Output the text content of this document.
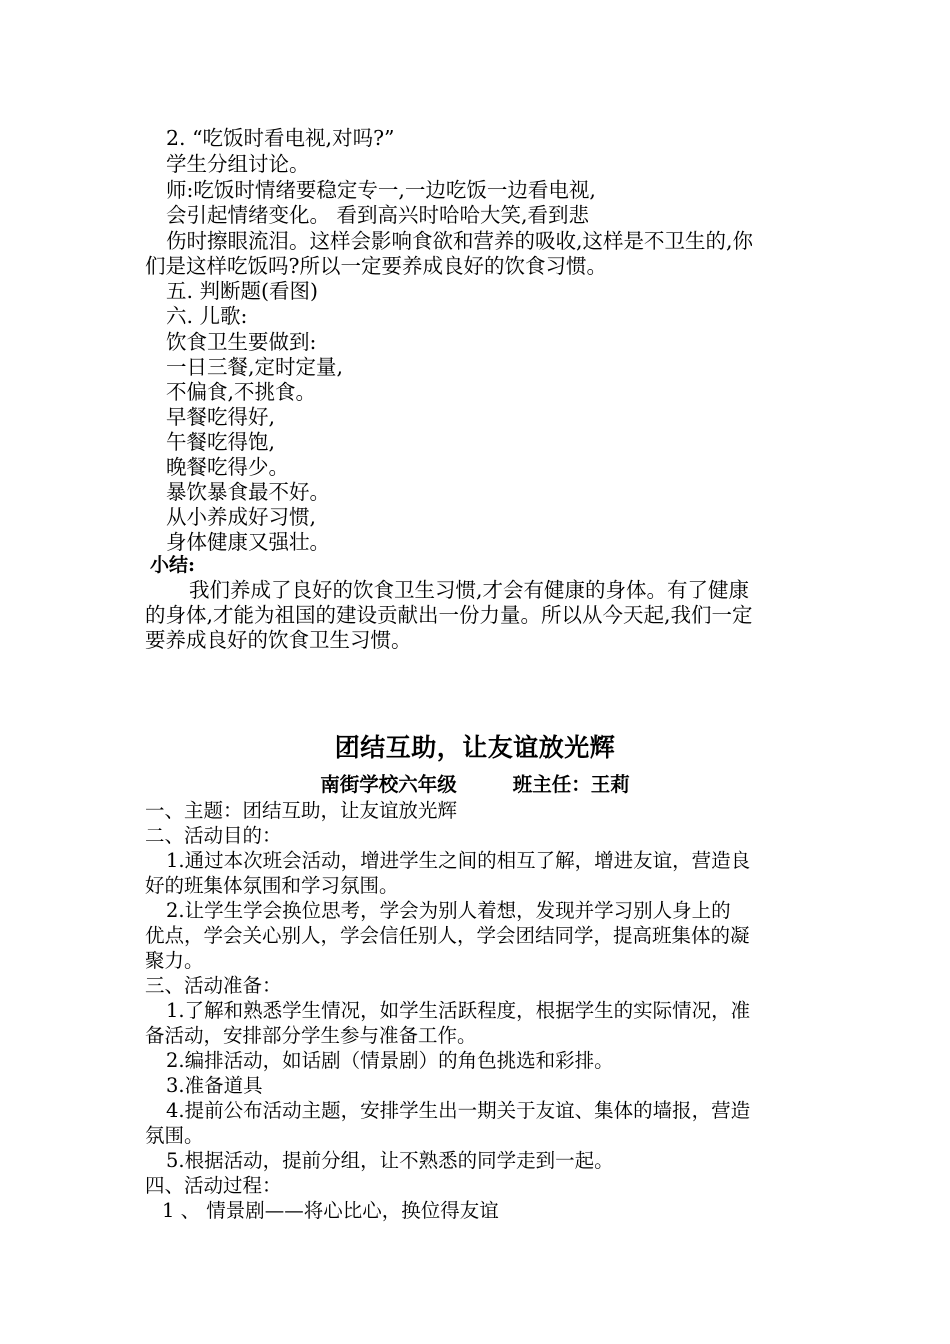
2. “吃饭时看电视,对吗?”
学生分组讨论。
师:吃饭时情绪要稳定专一,一边吃饭一边看电视,
会引起情绪变化。 看到高兴时哈哈大笑,看到悲
伤时擦眼流泪。这样会影响食欲和营养的吸收,这样是不卫生的,你
们是这样吃饭吗?所以一定要养成良好的饮食习惯。
五. 判断题(看图)
六. 儿歌:
饮食卫生要做到:
一日三餐,定时定量,
不偏食,不挑食。
早餐吃得好,
午餐吃得饱,
晚餐吃得少。
暴饮暴食最不好。
从小养成好习惯,
身体健康又强壮。
小结:
我们养成了良好的饮食卫生习惯,才会有健康的身体。有了健康
的身体,才能为祖国的建设贡献出一份力量。所以从今天起,我们一定
要养成良好的饮食卫生习惯。
团结互助，让友谊放光辉
南街学校六年级	班主任：王莉
一、主题：团结互助，让友谊放光辉
二、活动目的：
1.通过本次班会活动，增进学生之间的相互了解，增进友谊，营造良
好的班集体氛围和学习氛围。
2.让学生学会换位思考，学会为别人着想，发现并学习别人身上的
优点，学会关心别人，学会信任别人，学会团结同学，提高班集体的凝
聚力。
三、活动准备：
1.了解和熟悉学生情况，如学生活跃程度，根据学生的实际情况，准
备活动，安排部分学生参与准备工作。
2.编排活动，如话剧（情景剧）的角色挑选和彩排。
3.准备道具
4.提前公布活动主题，安排学生出一期关于友谊、集体的墙报，营造
氛围。
5.根据活动，提前分组，让不熟悉的同学走到一起。
四、活动过程：
1 、 情景剧——将心比心，换位得友谊
